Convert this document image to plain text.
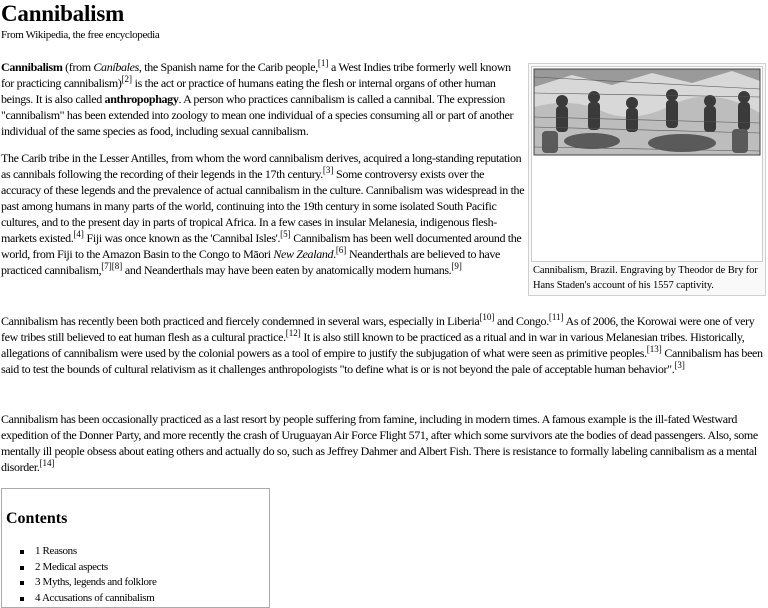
Cannibalism
From Wikipedia, the free encyclopedia
Cannibalism, Brazil. Engraving by Theodor de Bry for Hans Staden's account of his 1557 captivity.

Cannibalism (from Caníbales, the Spanish name for the Carib people,[1] a West Indies tribe formerly well known for practicing cannibalism)[2] is the act or practice of humans eating the flesh or internal organs of other human beings. It is also called anthropophagy. A person who practices cannibalism is called a cannibal. The expression "cannibalism" has been extended into zoology to mean one individual of a species consuming all or part of another individual of the same species as food, including sexual cannibalism.

The Carib tribe in the Lesser Antilles, from whom the word cannibalism derives, acquired a long-standing reputation as cannibals following the recording of their legends in the 17th century.[3] Some controversy exists over the accuracy of these legends and the prevalence of actual cannibalism in the culture. Cannibalism was widespread in the past among humans in many parts of the world, continuing into the 19th century in some isolated South Pacific cultures, and to the present day in parts of tropical Africa. In a few cases in insular Melanesia, indigenous flesh-markets existed.[4] Fiji was once known as the 'Cannibal Isles'.[5] Cannibalism has been well documented around the world, from Fiji to the Amazon Basin to the Congo to Māori New Zealand.[6] Neanderthals are believed to have practiced cannibalism,[7][8] and Neanderthals may have been eaten by anatomically modern humans.[9]

Cannibalism has recently been both practiced and fiercely condemned in several wars, especially in Liberia[10] and Congo.[11] As of 2006, the Korowai were one of very few tribes still believed to eat human flesh as a cultural practice.[12] It is also still known to be practiced as a ritual and in war in various Melanesian tribes. Historically, allegations of cannibalism were used by the colonial powers as a tool of empire to justify the subjugation of what were seen as primitive peoples.[13] Cannibalism has been said to test the bounds of cultural relativism as it challenges anthropologists "to define what is or is not beyond the pale of acceptable human behavior".[3]

Cannibalism has been occasionally practiced as a last resort by people suffering from famine, including in modern times. A famous example is the ill-fated Westward expedition of the Donner Party, and more recently the crash of Uruguayan Air Force Flight 571, after which some survivors ate the bodies of dead passengers. Also, some mentally ill people obsess about eating others and actually do so, such as Jeffrey Dahmer and Albert Fish. There is resistance to formally labeling cannibalism as a mental disorder.[14]

Contents
1 Reasons
2 Medical aspects
3 Myths, legends and folklore
4 Accusations of cannibalism
